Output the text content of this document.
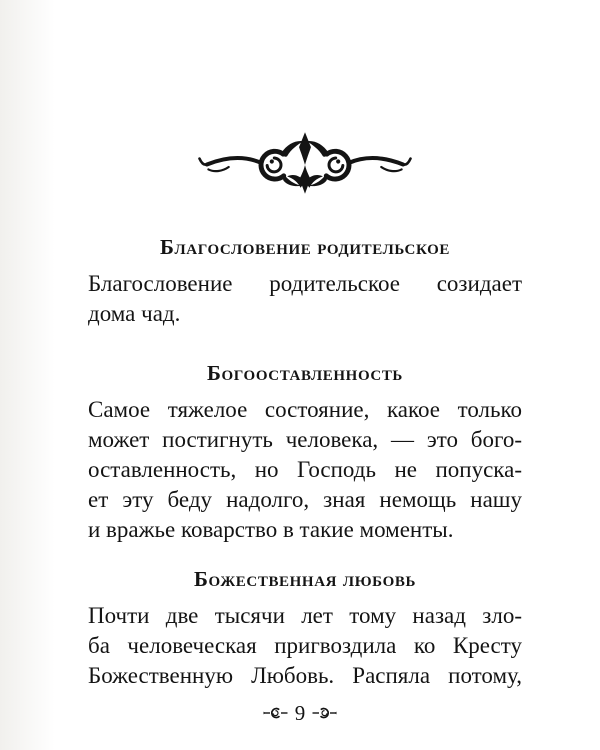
Благословение родительское
Благословение родительское созидает
дома чад.
Богооставленность
Самое тяжелое состояние, какое только
может постигнуть человека, — это бого-
оставленность, но Господь не попуска-
ет эту беду надолго, зная немощь нашу
и вражье коварство в такие моменты.
Божественная любовь
Почти две тысячи лет тому назад зло-
ба человеческая пригвоздила ко Кресту
Божественную Любовь. Распяла потому,
9
